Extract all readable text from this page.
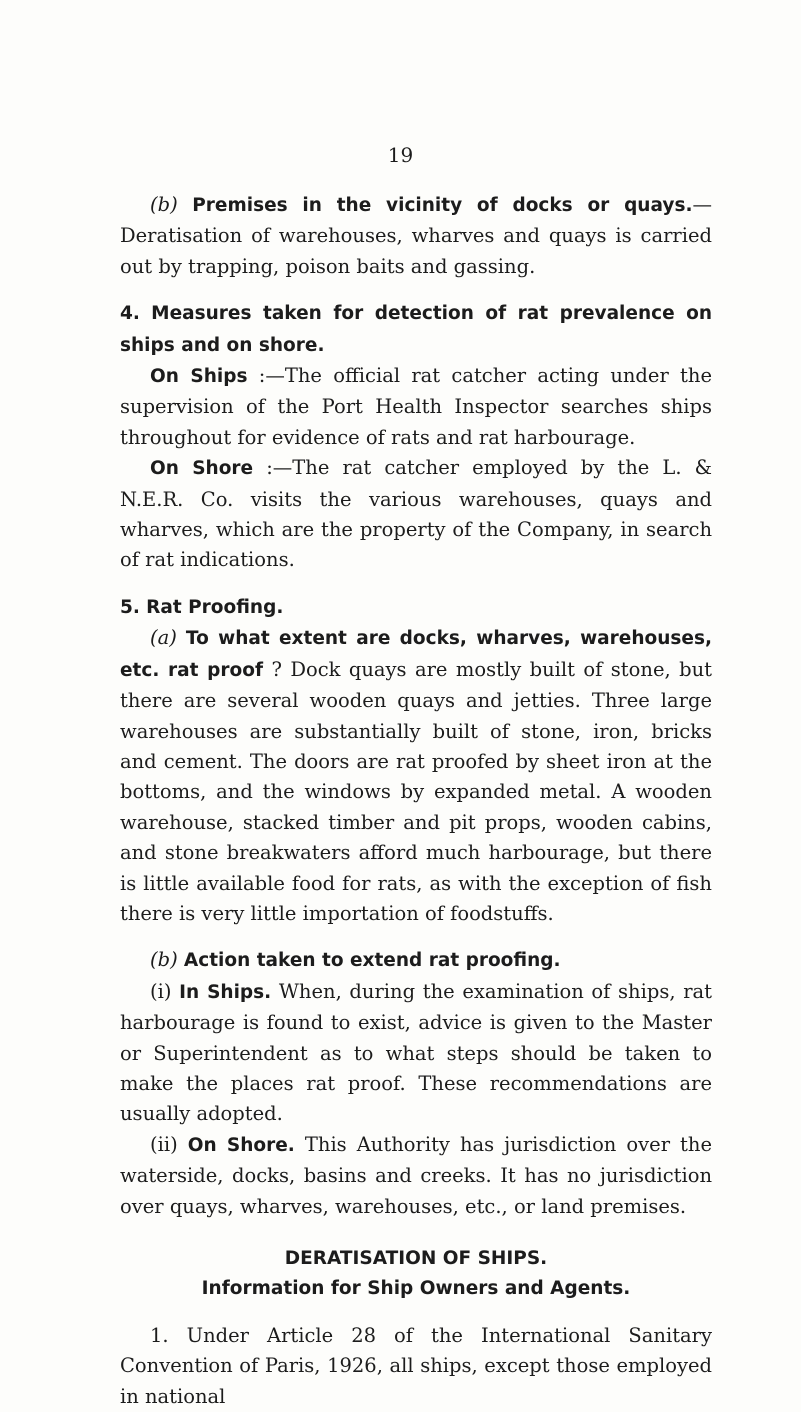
19

(b) Premises in the vicinity of docks or quays.—Deratisation of warehouses, wharves and quays is carried out by trapping, poison baits and gassing.

4. Measures taken for detection of rat prevalence on ships and on shore.

On Ships :—The official rat catcher acting under the supervision of the Port Health Inspector searches ships throughout for evidence of rats and rat harbourage.

On Shore :—The rat catcher employed by the L. & N.E.R. Co. visits the various warehouses, quays and wharves, which are the property of the Company, in search of rat indications.

5. Rat Proofing.

(a) To what extent are docks, wharves, warehouses, etc. rat proof ? Dock quays are mostly built of stone, but there are several wooden quays and jetties. Three large warehouses are substantially built of stone, iron, bricks and cement. The doors are rat proofed by sheet iron at the bottoms, and the windows by expanded metal. A wooden warehouse, stacked timber and pit props, wooden cabins, and stone breakwaters afford much harbourage, but there is little available food for rats, as with the exception of fish there is very little importation of foodstuffs.

(b) Action taken to extend rat proofing.

(i) In Ships. When, during the examination of ships, rat harbourage is found to exist, advice is given to the Master or Superintendent as to what steps should be taken to make the places rat proof. These recommendations are usually adopted.

(ii) On Shore. This Authority has jurisdiction over the waterside, docks, basins and creeks. It has no jurisdiction over quays, wharves, warehouses, etc., or land premises.

DERATISATION OF SHIPS.

Information for Ship Owners and Agents.

1. Under Article 28 of the International Sanitary Convention of Paris, 1926, all ships, except those employed in national
